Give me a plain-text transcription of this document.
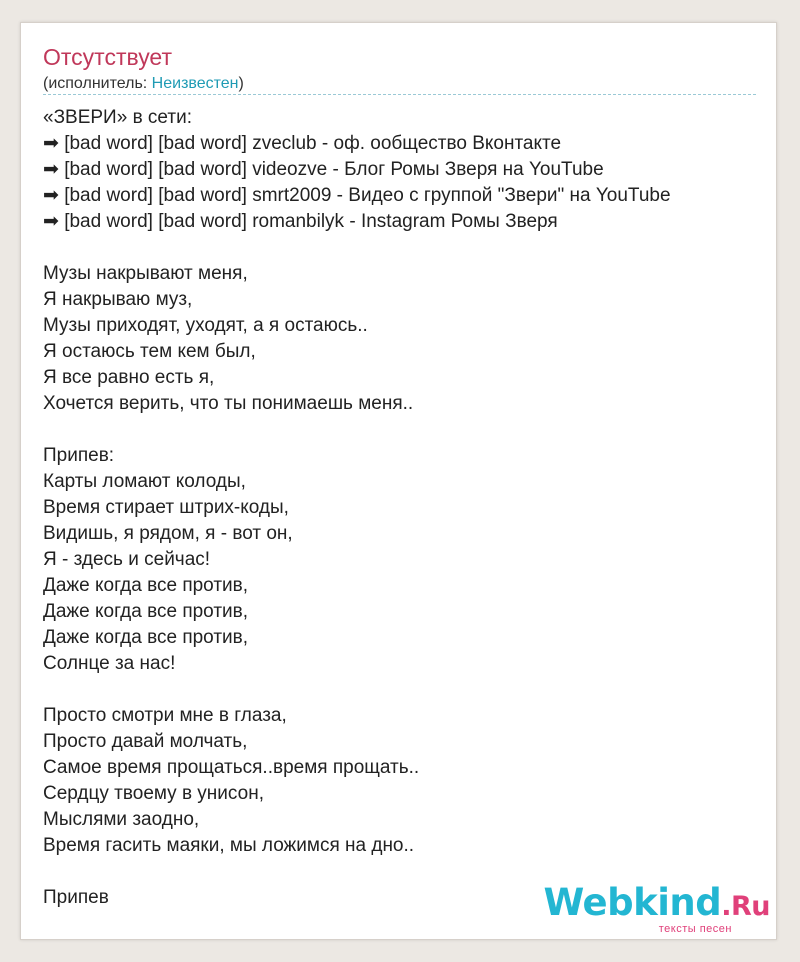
Отсутствует
(исполнитель: Неизвестен)
«ЗВЕРИ» в сети:
➡ [bad word] [bad word] zveclub - оф. ообщество Вконтакте
➡ [bad word] [bad word] videozve - Блог Ромы Зверя на YouTube
➡ [bad word] [bad word] smrt2009 - Видео с группой "Звери" на YouTube
➡ [bad word] [bad word] romanbilyk - Instagram Ромы Зверя
Музы накрывают меня,
Я накрываю муз,
Музы приходят, уходят, а я остаюсь..
Я остаюсь тем кем был,
Я все равно есть я,
Хочется верить, что ты понимаешь меня..
Припев:
Карты ломают колоды,
Время стирает штрих-коды,
Видишь, я рядом, я - вот он,
Я - здесь и сейчас!
Даже когда все против,
Даже когда все против,
Даже когда все против,
Солнце за нас!
Просто смотри мне в глаза,
Просто давай молчать,
Самое время прощаться..время прощать..
Сердцу твоему в унисон,
Мыслями заодно,
Время гасить маяки, мы ложимся на дно..
Припев	Webkind.Ru
тексты песен
